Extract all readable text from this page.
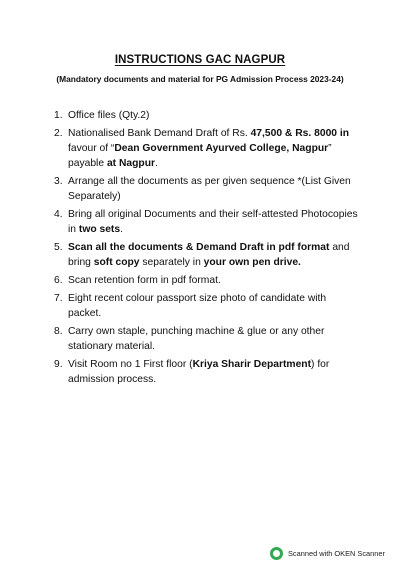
INSTRUCTIONS GAC NAGPUR
(Mandatory documents and material for PG Admission Process 2023-24)
1. Office files (Qty.2)
2. Nationalised Bank Demand Draft of Rs. 47,500 & Rs. 8000 in
favour of “Dean Government Ayurved College, Nagpur”
payable at Nagpur.
3. Arrange all the documents as per given sequence *(List Given
Separately)
4. Bring all original Documents and their self-attested Photocopies
in two sets.
5. Scan all the documents & Demand Draft in pdf format and
bring soft copy separately in your own pen drive.
6. Scan retention form in pdf format.
7. Eight recent colour passport size photo of candidate with
packet.
8. Carry own staple, punching machine & glue or any other
stationary material.
9. Visit Room no 1 First floor (Kriya Sharir Department) for
admission process.
Scanned with OKEN Scanner
